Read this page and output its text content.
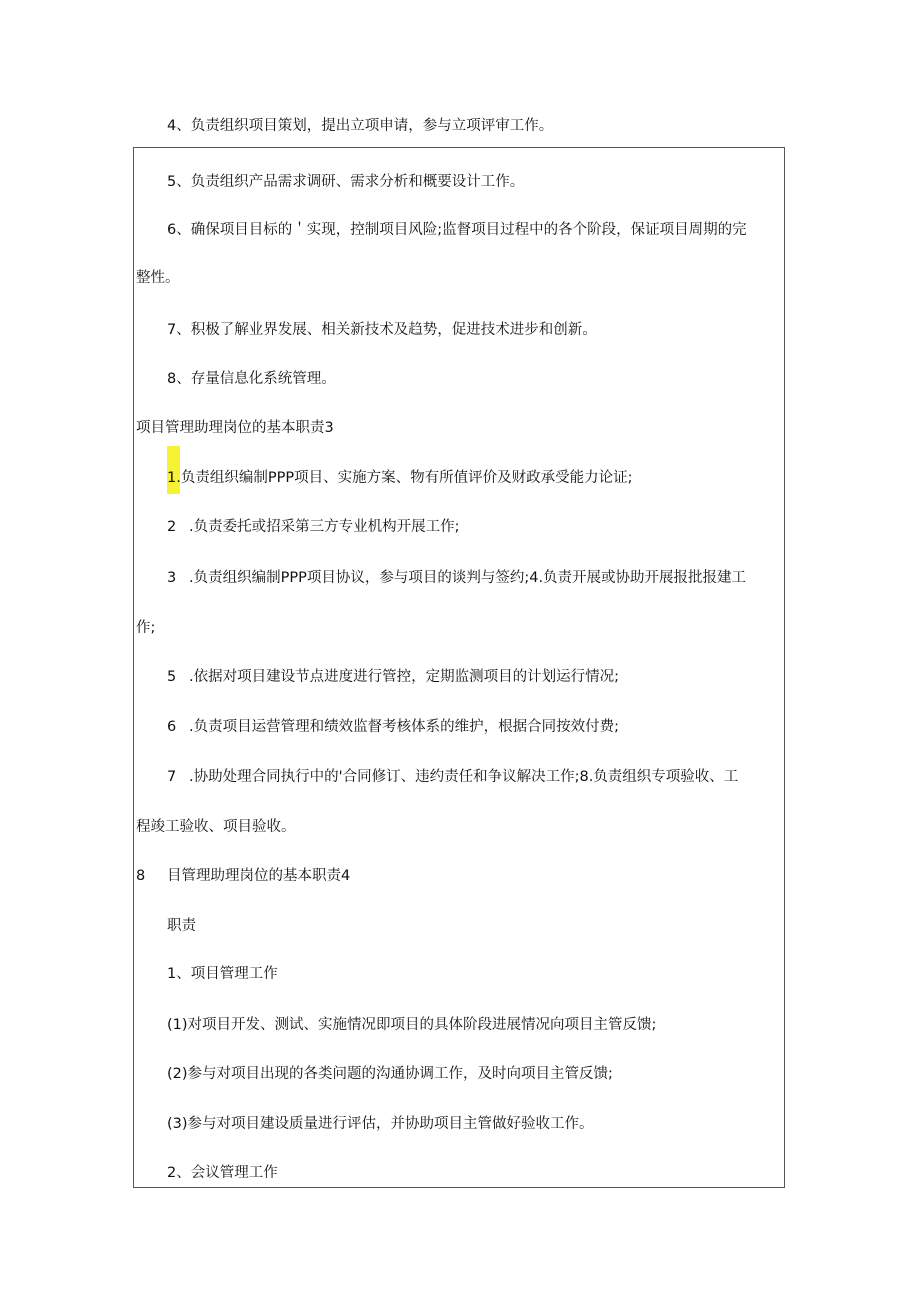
4、负责组织项目策划，提出立项申请，参与立项评审工作。
5、负责组织产品需求调研、需求分析和概要设计工作。
6、确保项目目标的＇实现，控制项目风险;监督项目过程中的各个阶段，保证项目周期的完
整性。
7、积极了解业界发展、相关新技术及趋势，促进技术进步和创新。
8、存量信息化系统管理。
项目管理助理岗位的基本职责3
1.负责组织编制PPP项目、实施方案、物有所值评价及财政承受能力论证;
2 .负责委托或招采第三方专业机构开展工作;
3 .负责组织编制PPP项目协议，参与项目的谈判与签约;4.负责开展或协助开展报批报建工
作;
5 .依据对项目建设节点进度进行管控，定期监测项目的计划运行情况;
6 .负责项目运营管理和绩效监督考核体系的维护，根据合同按效付费;
7 .协助处理合同执行中的'合同修订、违约责任和争议解决工作;8.负责组织专项验收、工
程竣工验收、项目验收。
8 目管理助理岗位的基本职责4
职责
1、项目管理工作
(1)对项目开发、测试、实施情况即项目的具体阶段进展情况向项目主管反馈;
(2)参与对项目出现的各类问题的沟通协调工作，及时向项目主管反馈;
(3)参与对项目建设质量进行评估，并协助项目主管做好验收工作。
2、会议管理工作
